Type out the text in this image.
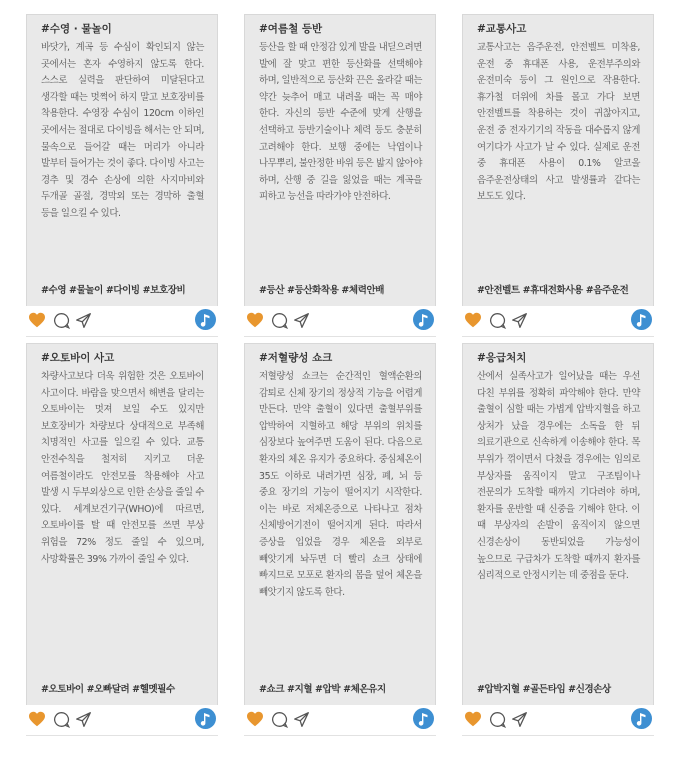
#수영 · 물놀이

바닷가, 계곡 등 수심이 확인되지 않는 곳에서는 혼자 수영하지 않도록 한다. 스스로 실력을 판단하여 미달된다고 생각할 때는 멋쩍어 하지 말고 보호장비를 착용한다. 수영장 수심이 120cm 이하인 곳에서는 절대로 다이빙을 해서는 안 되며, 물속으로 들어갈 때는 머리가 아니라 발부터 들어가는 것이 좋다. 다이빙 사고는 경추 및 경수 손상에 의한 사지마비와 두개골 골절, 경막외 또는 경막하 출혈 등을 일으킬 수 있다.

#수영 #물놀이 #다이빙 #보호장비
#여름철 등반

등산을 할 때 안정감 있게 발을 내딛으려면 발에 잘 맞고 편한 등산화를 선택해야 하며, 일반적으로 등산화 끈은 올라갈 때는 약간 늦추어 매고 내려올 때는 꼭 매야 한다. 자신의 등반 수준에 맞게 산행을 선택하고 등반기술이나 체력 등도 충분히 고려해야 한다. 보행 중에는 낙엽이나 나무뿌리, 불안정한 바위 등은 밟지 않아야 하며, 산행 중 길을 잃었을 때는 계곡을 피하고 능선을 따라가야 안전하다.

#등산 #등산화착용 #체력안배
#교통사고

교통사고는 음주운전, 안전벨트 미착용, 운전 중 휴대폰 사용, 운전부주의와 운전미숙 등이 그 원인으로 작용한다. 휴가철 더위에 차를 몰고 가다 보면 안전벨트를 착용하는 것이 귀찮아지고, 운전 중 전자기기의 작동을 대수롭지 않게 여기다가 사고가 날 수 있다. 실제로 운전 중 휴대폰 사용이 0.1% 알코올 음주운전상태의 사고 발생률과 같다는 보도도 있다.

#안전벨트 #휴대전화사용 #음주운전
#오토바이 사고

차량사고보다 더욱 위험한 것은 오토바이 사고이다. 바람을 맞으면서 해변을 달리는 오토바이는 멋져 보일 수도 있지만 보호장비가 차량보다 상대적으로 부족해 치명적인 사고를 일으킬 수 있다. 교통 안전수칙을 철저히 지키고 더운 여름철이라도 안전모를 착용해야 사고 발생 시 두부외상으로 인한 손상을 줄일 수 있다. 세계보건기구(WHO)에 따르면, 오토바이를 탈 때 안전모를 쓰면 부상 위험을 72% 정도 줄일 수 있으며, 사망확률은 39% 가까이 줄일 수 있다.

#오토바이 #오빠달려 #헬멧필수
#저혈량성 쇼크

저혈량성 쇼크는 순간적인 혈액순환의 감퇴로 신체 장기의 정상적 기능을 어렵게 만든다. 만약 출혈이 있다면 출혈부위를 압박하여 지혈하고 해당 부위의 위치를 심장보다 높여주면 도움이 된다. 다음으로 환자의 체온 유지가 중요하다. 중심체온이 35도 이하로 내려가면 심장, 폐, 뇌 등 중요 장기의 기능이 떨어지기 시작한다. 이는 바로 저체온증으로 나타나고 점차 신체방어기전이 떨어지게 된다. 따라서 증상을 입었을 경우 체온을 외부로 빼앗기게 놔두면 더 빨리 쇼크 상태에 빠지므로 모포로 환자의 몸을 덮어 체온을 빼앗기지 않도록 한다.

#쇼크 #지혈 #압박 #체온유지
#응급처치

산에서 실족사고가 일어났을 때는 우선 다친 부위를 정확히 파악해야 한다. 만약 출혈이 심할 때는 가볍게 압박지혈을 하고 상처가 났을 경우에는 소독을 한 뒤 의료기관으로 신속하게 이송해야 한다. 목 부위가 꺾이면서 다쳤을 경우에는 임의로 부상자를 움직이지 말고 구조팀이나 전문의가 도착할 때까지 기다려야 하며, 환자를 운반할 때 신중을 기해야 한다. 이 때 부상자의 손발이 움직이지 않으면 신경손상이 동반되었을 가능성이 높으므로 구급차가 도착할 때까지 환자를 심리적으로 안정시키는 데 중점을 둔다.

#압박지혈 #골든타임 #신경손상
